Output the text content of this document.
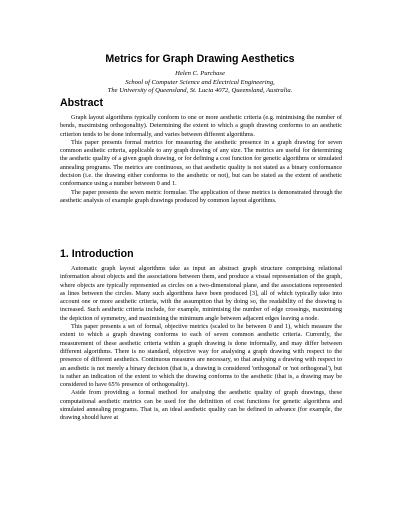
Metrics for Graph Drawing Aesthetics
Helen C. Purchase
School of Computer Science and Electrical Engineering,
The University of Queensland, St. Lucia 4072, Queensland, Australia.
Abstract

Graph layout algorithms typically conform to one or more aesthetic criteria (e.g. minimising the number of bends, maximising orthogonality). Determining the extent to which a graph drawing conforms to an aesthetic criterion tends to be done informally, and varies between different algorithms.

This paper presents formal metrics for measuring the aesthetic presence in a graph drawing for seven common aesthetic criteria, applicable to any graph drawing of any size. The metrics are useful for determining the aesthetic quality of a given graph drawing, or for defining a cost function for genetic algorithms or simulated annealing programs. The metrics are continuous, so that aesthetic quality is not stated as a binary conformance decision (i.e. the drawing either conforms to the aesthetic or not), but can be stated as the extent of aesthetic conformance using a number between 0 and 1.

The paper presents the seven metric formulae. The application of these metrics is demonstrated through the aesthetic analysis of example graph drawings produced by common layout algorithms.

1. Introduction

Automatic graph layout algorithms take as input an abstract graph structure comprising relational information about objects and the associations between them, and produce a visual representation of the graph, where objects are typically represented as circles on a two-dimensional plane, and the associations represented as lines between the circles. Many such algorithms have been produced [3], all of which typically take into account one or more aesthetic criteria, with the assumption that by doing so, the readability of the drawing is increased. Such aesthetic criteria include, for example, minimising the number of edge crossings, maximising the depiction of symmetry, and maximising the minimum angle between adjacent edges leaving a node.

This paper presents a set of formal, objective metrics (scaled to lie between 0 and 1), which measure the extent to which a graph drawing conforms to each of seven common aesthetic criteria. Currently, the measurement of these aesthetic criteria within a graph drawing is done informally, and may differ between different algorithms. There is no standard, objective way for analysing a graph drawing with respect to the presence of different aesthetics. Continuous measures are necessary, so that analysing a drawing with respect to an aesthetic is not merely a binary decision (that is, a drawing is considered 'orthogonal' or 'not orthogonal'), but is rather an indication of the extent to which the drawing conforms to the aesthetic (that is, a drawing may be considered to have 65% presence of orthogonality).

Aside from providing a formal method for analysing the aesthetic quality of graph drawings, these computational aesthetic metrics can be used for the definition of cost functions for genetic algorithms and simulated annealing programs. That is, an ideal aesthetic quality can be defined in advance (for example, the drawing should have at
